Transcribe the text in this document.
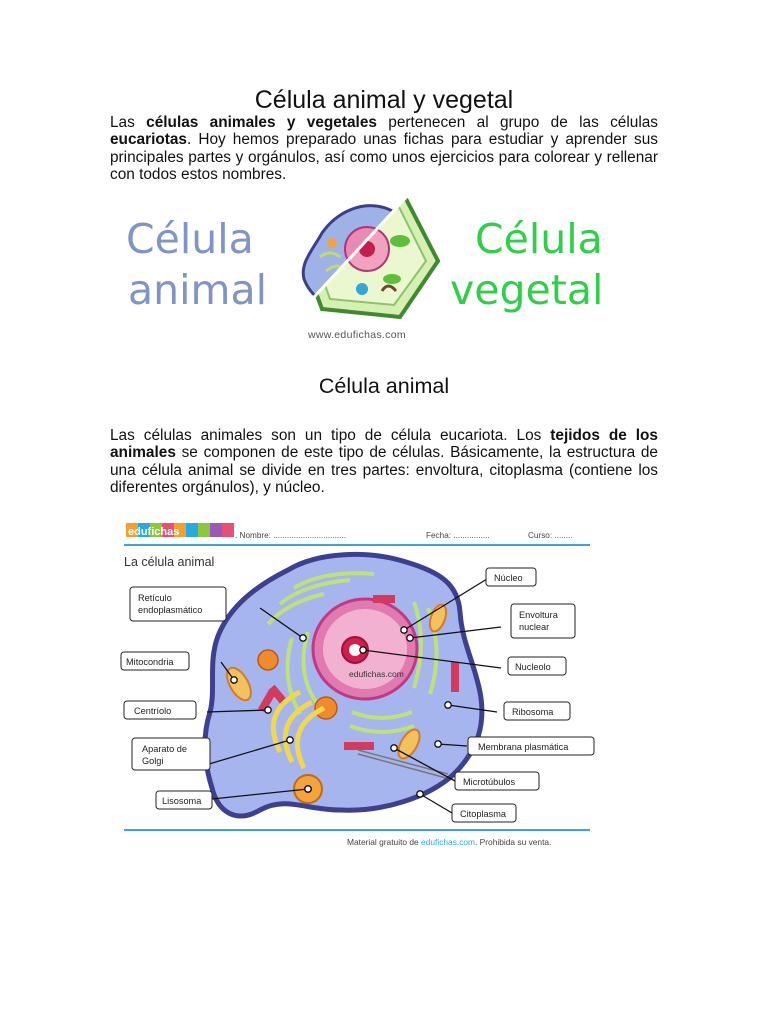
Célula animal y vegetal

Las células animales y vegetales pertenecen al grupo de las células eucariotas. Hoy hemos preparado unas fichas para estudiar y aprender sus principales partes y orgánulos, así como unos ejercicios para colorear y rellenar con todos estos nombres.

Célula
animal
Célula
vegetal
www.edufichas.com
Célula animal

Las células animales son un tipo de célula eucariota. Los tejidos de los animales se componen de este tipo de células. Básicamente, la estructura de una célula animal se divide en tres partes: envoltura, citoplasma (contiene los diferentes orgánulos), y núcleo.

edufichas	. Nombre: ................................	Fecha: ................	Curso: ........
La célula animal
edufichas.com
Retículo
endoplasmático
Mitocondria
Centríolo
Aparato de
Golgi
Lisosoma
Núcleo
Envoltura
nuclear
Nucleolo
Ribosoma
Membrana plasmática
Microtúbulos
Citoplasma
Material gratuito de edufichas.com. Prohibida su venta.
